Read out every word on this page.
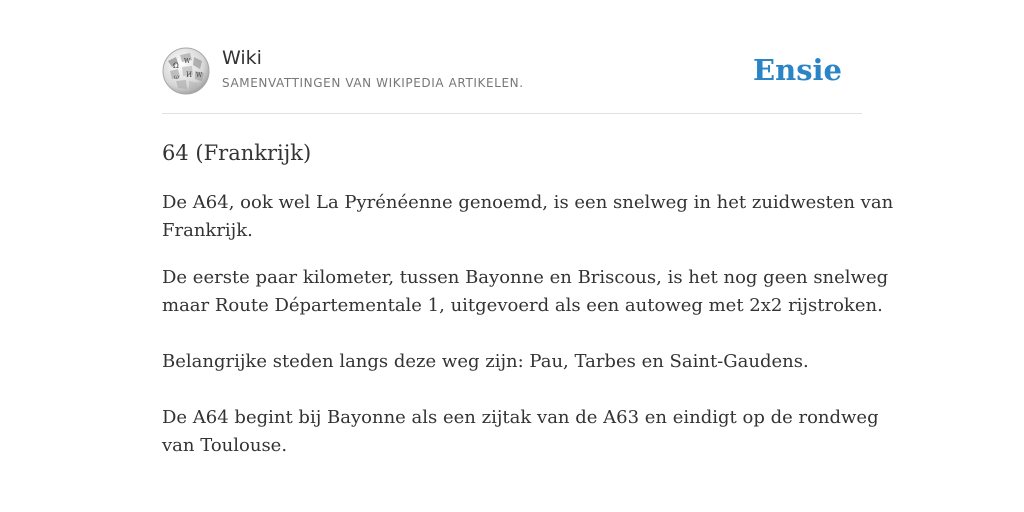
Ω
W
И W
ω
Wiki
SAMENVATTINGEN VAN WIKIPEDIA ARTIKELEN.	Ensie
64 (Frankrijk)

De A64, ook wel La Pyrénéenne genoemd, is een snelweg in het zuidwesten van
Frankrijk.

De eerste paar kilometer, tussen Bayonne en Briscous, is het nog geen snelweg
maar Route Départementale 1, uitgevoerd als een autoweg met 2x2 rijstroken.

Belangrijke steden langs deze weg zijn: Pau, Tarbes en Saint-Gaudens.

De A64 begint bij Bayonne als een zijtak van de A63 en eindigt op de rondweg
van Toulouse.
